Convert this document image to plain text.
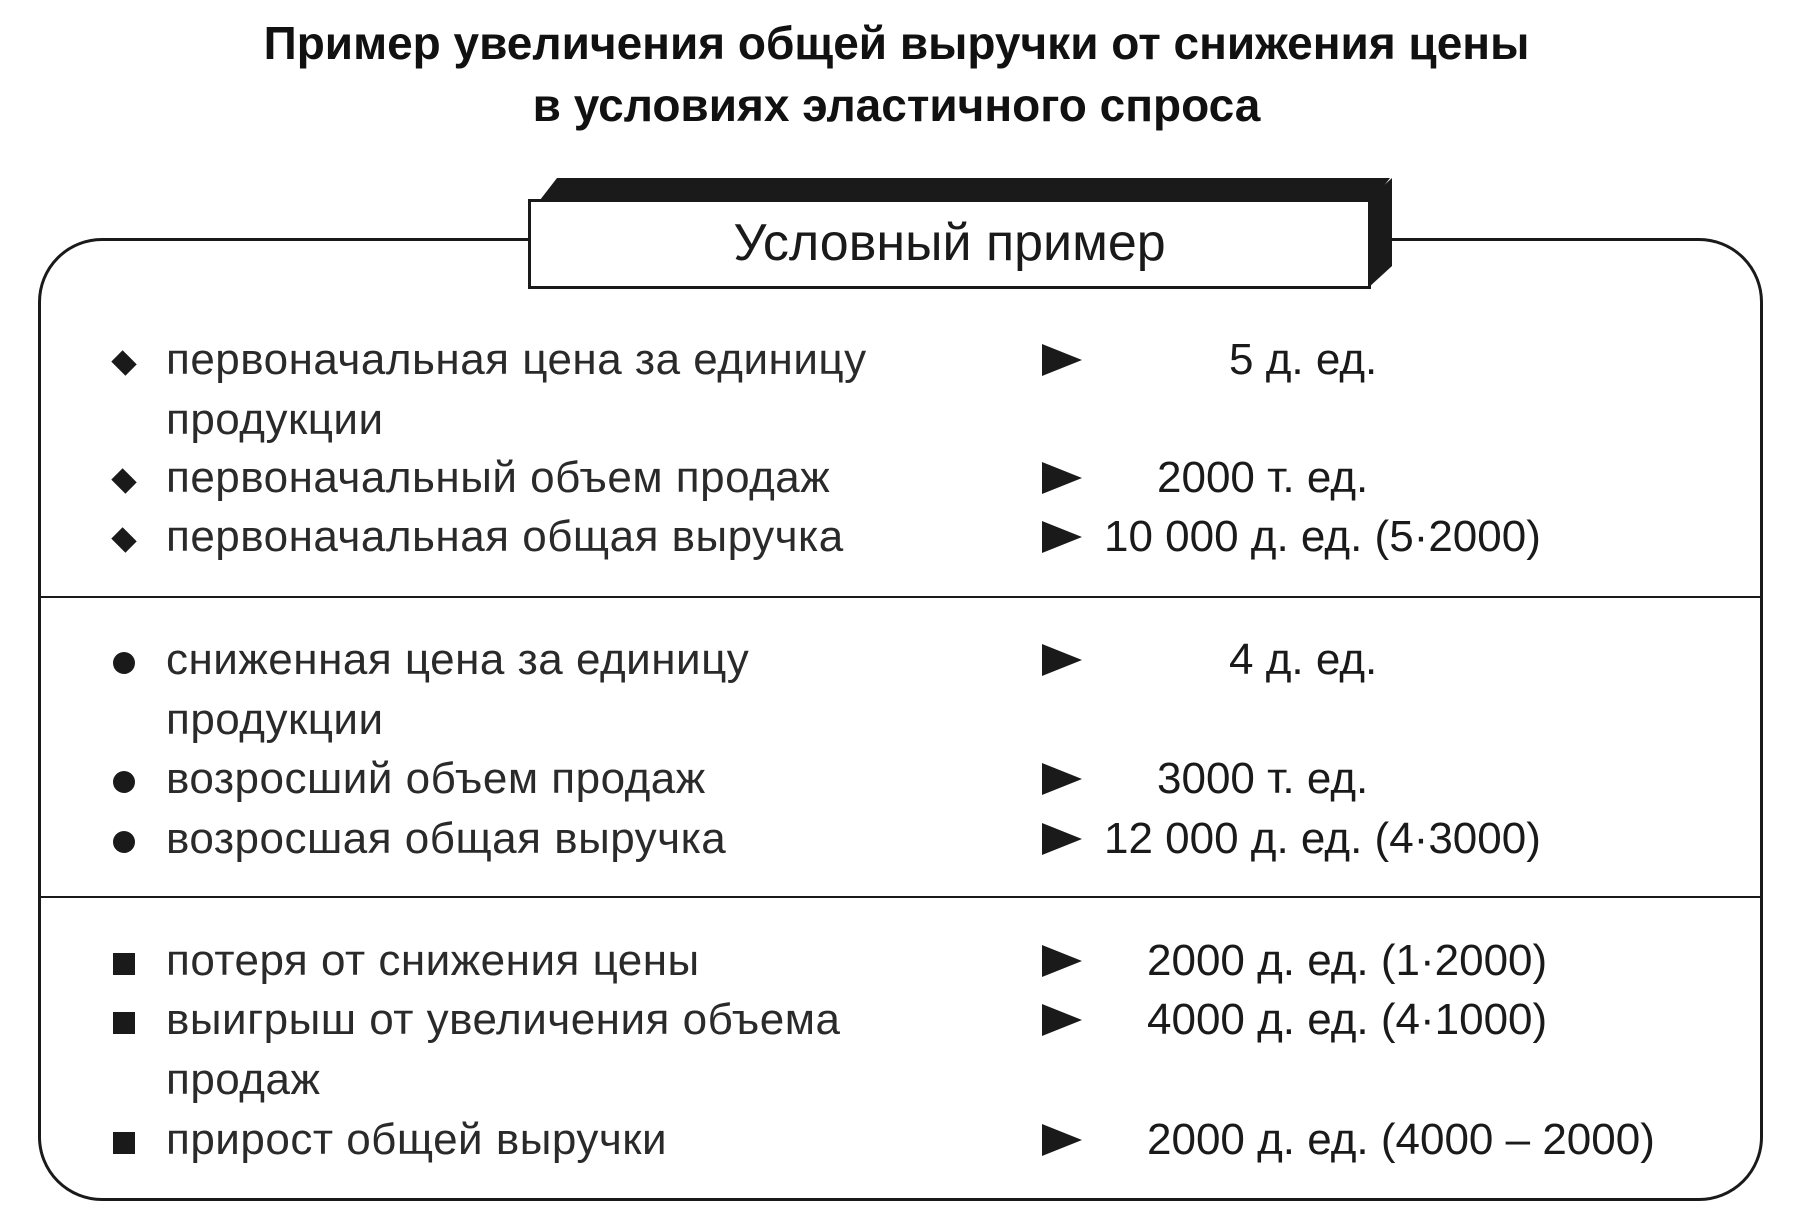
Пример увеличения общей выручки от снижения цены
в условиях эластичного спроса
Условный пример
первоначальная цена за единицу	5 д. ед.
продукции
первоначальный объем продаж	2000 т. ед.
первоначальная общая выручка	10 000 д. ед. (5·2000)
сниженная цена за единицу	4 д. ед.
продукции
возросший объем продаж	3000 т. ед.
возросшая общая выручка	12 000 д. ед. (4·3000)
потеря от снижения цены	2000 д. ед. (1·2000)
выигрыш от увеличения объема	4000 д. ед. (4·1000)
продаж
прирост общей выручки	2000 д. ед. (4000 – 2000)
